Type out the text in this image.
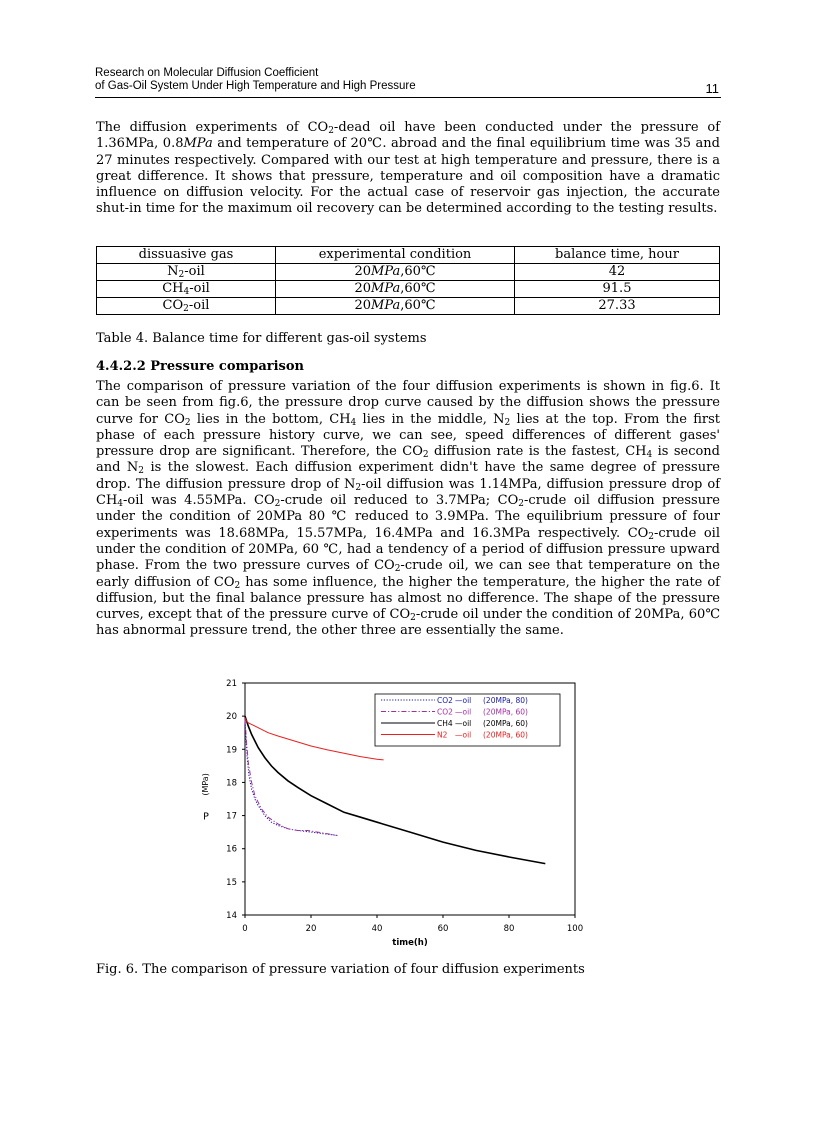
Research on Molecular Diffusion Coefficient
of Gas-Oil System Under High Temperature and High Pressure	11
The diffusion experiments of $CO_2$-dead oil have been conducted under the pressure of 1.36MPa, 0.8MPa and temperature of 20℃. abroad and the final equilibrium time was 35 and 27 minutes respectively. Compared with our test at high temperature and pressure, there is a great difference. It shows that pressure, temperature and oil composition have a dramatic influence on diffusion velocity. For the actual case of reservoir gas injection, the accurate shut-in time for the maximum oil recovery can be determined according to the testing results.
dissuasive gas	experimental condition	balance time, hour
$N_2$-oil	20MPa,60℃	42
$CH_4$-oil	20MPa,60℃	91.5
$CO_2$-oil	20MPa,60℃	27.33
Table 4. Balance time for different gas-oil systems
4.4.2.2 Pressure comparison
The comparison of pressure variation of the four diffusion experiments is shown in fig.6. It can be seen from fig.6, the pressure drop curve caused by the diffusion shows the pressure curve for $CO_2$ lies in the bottom, $CH_4$ lies in the middle, $N_2$ lies at the top. From the first phase of each pressure history curve, we can see, speed differences of different gases' pressure drop are significant. Therefore, the $CO_2$ diffusion rate is the fastest, $CH_4$ is second and $N_2$ is the slowest. Each diffusion experiment didn't have the same degree of pressure drop. The diffusion pressure drop of $N_2$-oil diffusion was 1.14MPa, diffusion pressure drop of $CH_4$-oil was 4.55MPa. $CO_2$-crude oil reduced to 3.7MPa; $CO_2$-crude oil diffusion pressure under the condition of 20MPa 80 ℃ reduced to 3.9MPa. The equilibrium pressure of four experiments was 18.68MPa, 15.57MPa, 16.4MPa and 16.3MPa respectively. $CO_2$-crude oil under the condition of 20MPa, 60 ℃, had a tendency of a period of diffusion pressure upward phase. From the two pressure curves of $CO_2$-crude oil, we can see that temperature on the early diffusion of $CO_2$ has some influence, the higher the temperature, the higher the rate of diffusion, but the final balance pressure has almost no difference. The shape of the pressure curves, except that of the pressure curve of $CO_2$-crude oil under the condition of 20MPa, 60℃ has abnormal pressure trend, the other three are essentially the same.
14
15
16
17
18
19
20
21
0	20	40	60	80	100
time(h)
P
(MPa)
CO2 —oil (20MPa, 80)
CO2 —oil (20MPa, 60)
CH4 —oil (20MPa, 60)
N2 —oil (20MPa, 60)
Fig. 6. The comparison of pressure variation of four diffusion experiments
